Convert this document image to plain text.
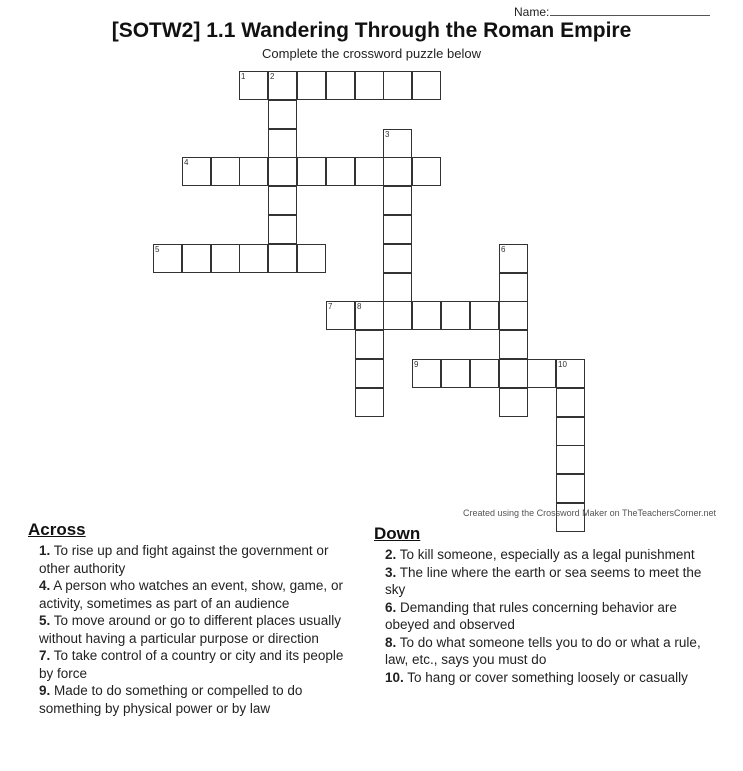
Name:
[SOTW2] 1.1 Wandering Through the Roman Empire
Complete the crossword puzzle below
1	2
3
4
5	6
7	8
9	10
Created using the Crossword Maker on TheTeachersCorner.net
Across
1. To rise up and fight against the government or other authority
4. A person who watches an event, show, game, or activity, sometimes as part of an audience
5. To move around or go to different places usually without having a particular purpose or direction
7. To take control of a country or city and its people by force
9. Made to do something or compelled to do something by physical power or by law
Down
2. To kill someone, especially as a legal punishment
3. The line where the earth or sea seems to meet the sky
6. Demanding that rules concerning behavior are obeyed and observed
8. To do what someone tells you to do or what a rule, law, etc., says you must do
10. To hang or cover something loosely or casually
